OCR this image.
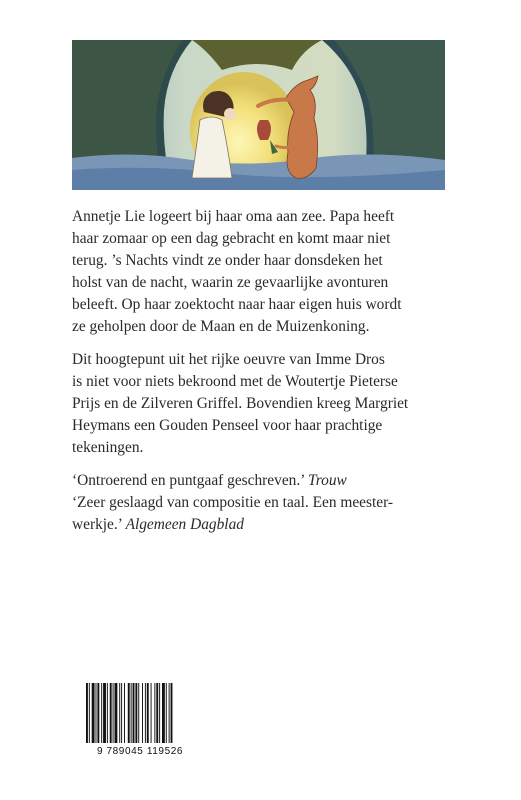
Annetje Lie logeert bij haar oma aan zee. Papa heeft

haar zomaar op een dag gebracht en komt maar niet

terug. ’s Nachts vindt ze onder haar donsdeken het

holst van de nacht, waarin ze gevaarlijke avonturen

beleeft. Op haar zoektocht naar haar eigen huis wordt

ze geholpen door de Maan en de Muizenkoning.

Dit hoogtepunt uit het rijke oeuvre van Imme Dros

is niet voor niets bekroond met de Woutertje Pieterse

Prijs en de Zilveren Griffel. Bovendien kreeg Margriet

Heymans een Gouden Penseel voor haar prachtige

tekeningen.

‘Ontroerend en puntgaaf geschreven.’ Trouw

‘Zeer geslaagd van compositie en taal. Een meester-

werkje.’ Algemeen Dagblad

9 789045 119526
